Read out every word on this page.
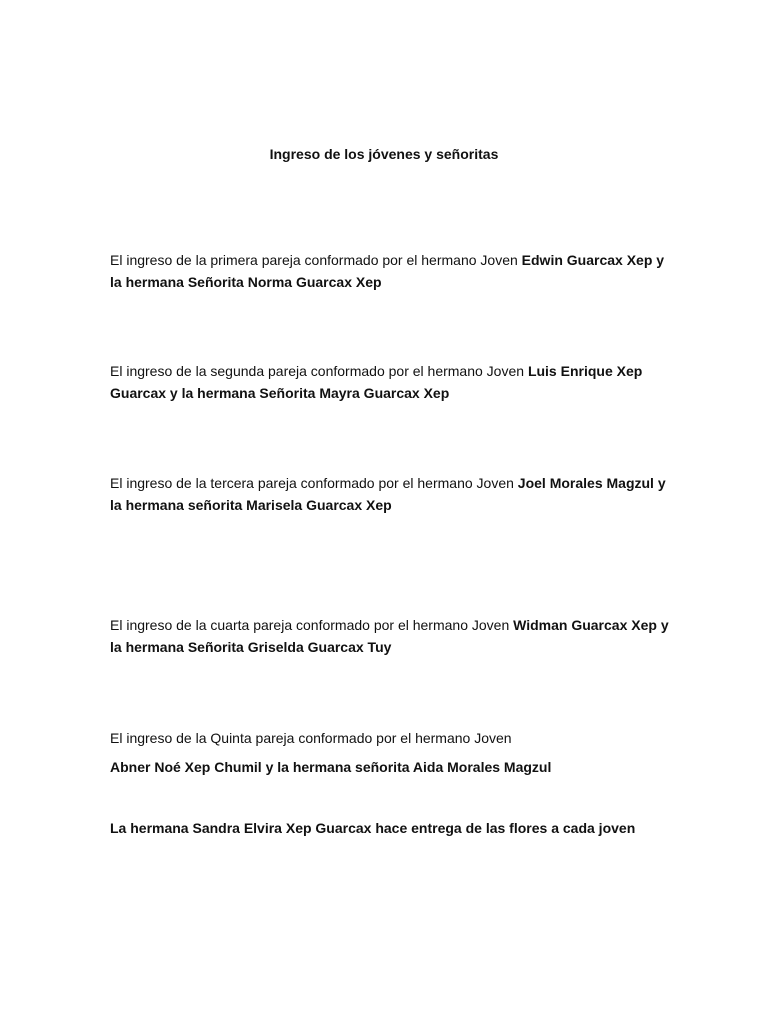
Ingreso de los jóvenes y señoritas

El ingreso de la primera pareja conformado por el hermano Joven Edwin Guarcax Xep y la hermana Señorita Norma Guarcax Xep

El ingreso de la segunda pareja conformado por el hermano Joven Luis Enrique Xep Guarcax y la hermana Señorita Mayra Guarcax Xep

El ingreso de la tercera pareja conformado por el hermano Joven Joel Morales Magzul y la hermana señorita Marisela Guarcax Xep

El ingreso de la cuarta pareja conformado por el hermano Joven Widman Guarcax Xep y la hermana Señorita Griselda Guarcax Tuy

El ingreso de la Quinta pareja conformado por el hermano Joven

Abner Noé Xep Chumil y la hermana señorita Aida Morales Magzul

La hermana Sandra Elvira Xep Guarcax hace entrega de las flores a cada joven
